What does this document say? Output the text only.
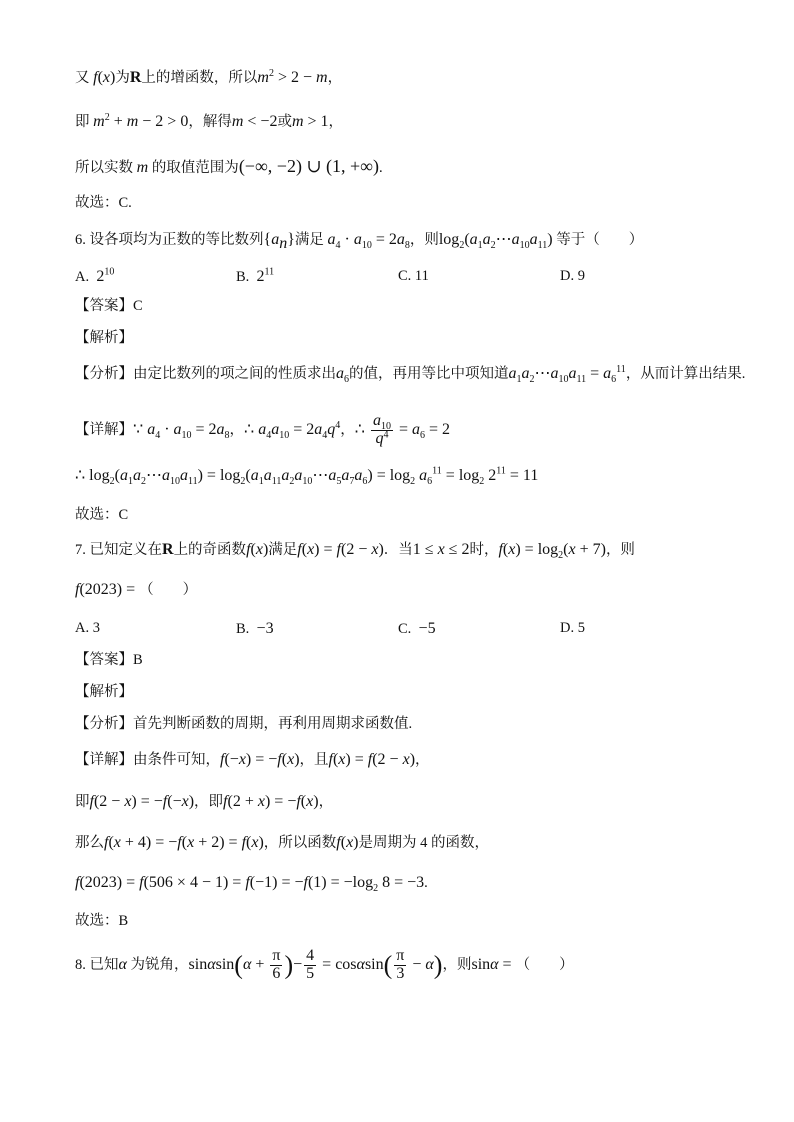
又 f(x)为R上的增函数，所以$m^2 > 2 - m$，
即 $m^2 + m - 2 > 0$，解得m < −2或m > 1，
所以实数 m 的取值范围为(−∞, −2) ∪ (1, +∞).
故选：C.
6. 设各项均为正数的等比数列$\{a_n\}$满足 $a_4 \cdot a_{10} = 2a_8$，则$\log_2(a_1a_2\cdots a_{10}a_{11})$ 等于（　　）
A. $2^{10}$	B. $2^{11}$	C. 11	D. 9
【答案】C
【解析】
【分析】由定比数列的项之间的性质求出$a_6$的值，再用等比中项知道$a_1a_2\cdots a_{10}a_{11} = a_6^{11}$，从而计算出结果.
【详解】∵ $a_4 \cdot a_{10} = 2a_8$，∴ $a_4a_{10} = 2a_4q^4$，∴ $\frac{a_{10}}{q^4} = a_6 = 2$
∴ $\log_2(a_1a_2\cdots a_{10}a_{11})$ = $\log_2(a_1a_{11}a_2a_{10}\cdots a_5a_7a_6) = \log_2 a_6^{11} = \log_2 2^{11} = 11$
故选：C
7. 已知定义在R上的奇函数f(x)满足f(x) = f(2 − x)．当1 ≤ x ≤ 2时，$f(x) = \log_2(x + 7)$，则
f(2023) = （　　）
A. 3	B. −3	C. −5	D. 5
【答案】B
【解析】
【分析】首先判断函数的周期，再利用周期求函数值.
【详解】由条件可知，f(−x) = −f(x)，且f(x) = f(2 − x)，
即f(2 − x) = −f(−x)，即f(2 + x) = −f(x)，
那么f(x + 4) = −f(x + 2) = f(x)，所以函数f(x)是周期为 4 的函数，
$f(2023) = f(506 \times 4 - 1) = f(-1) = -f(1) = -\log_2$ 8 = −3.
故选：B
8. 已知α 为锐角，$\sin\alpha\sin(\alpha + \frac{\pi}{6}$ )− $\frac{4}{5} = \cos\alpha\sin( \frac{\pi}{3} - \alpha)$，则sinα = （　　）
